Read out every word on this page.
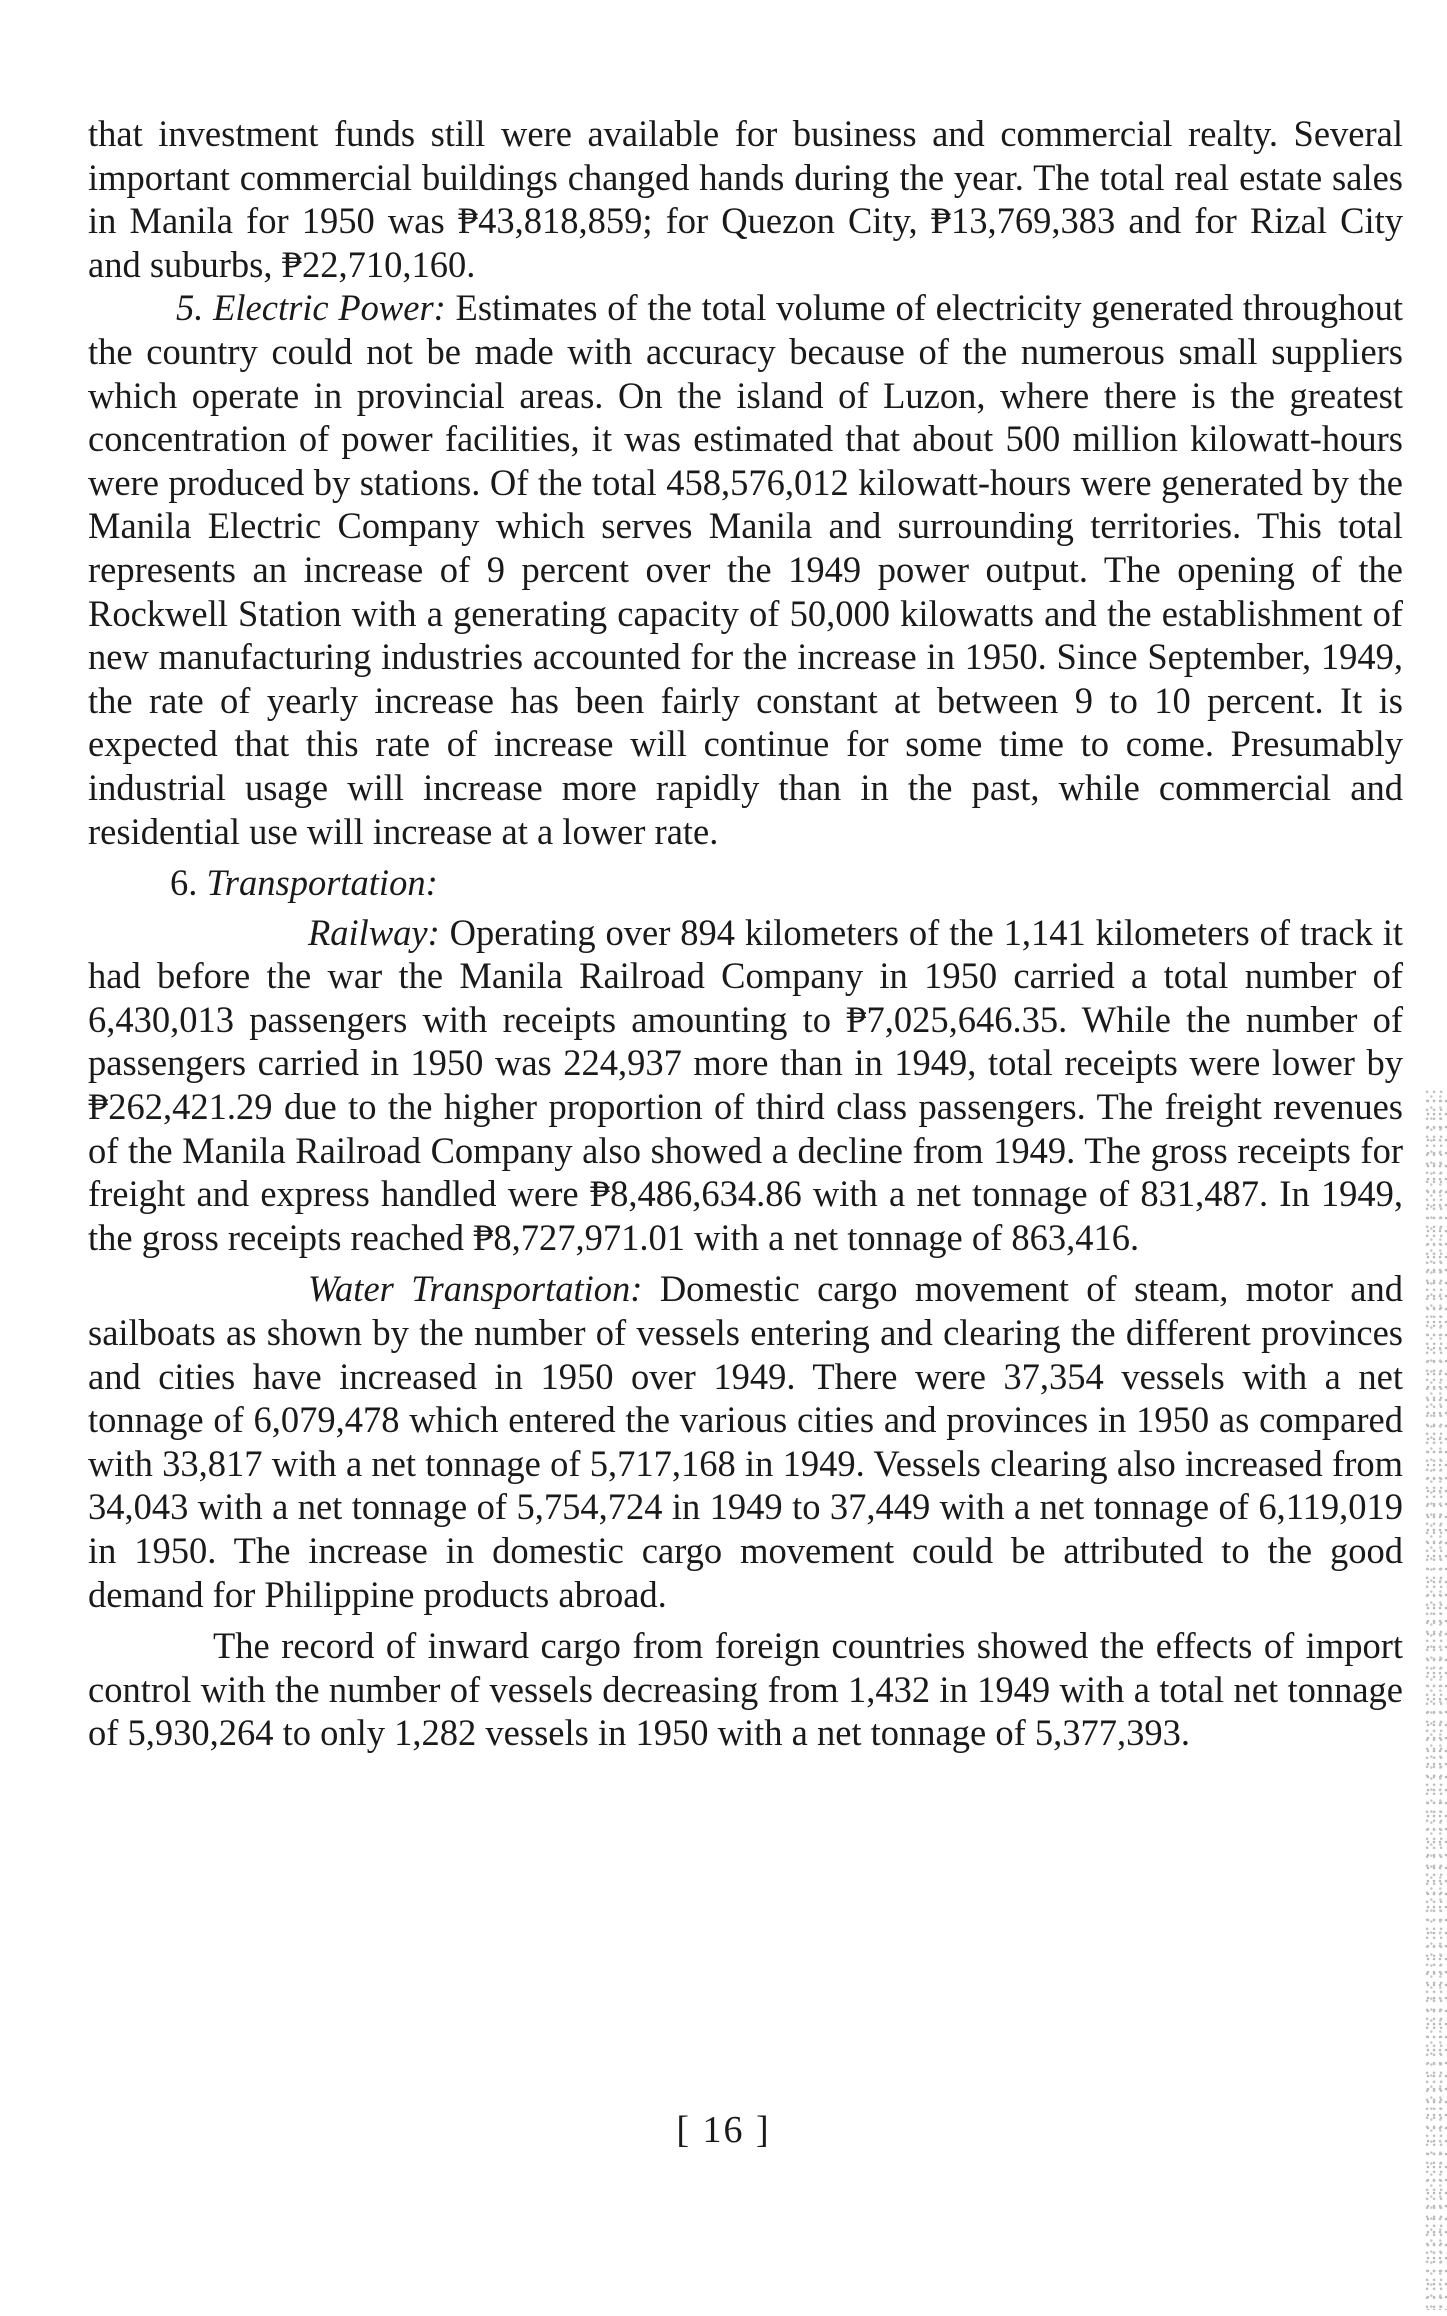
that investment funds still were available for business and commercial realty. Several important commercial buildings changed hands during the year. The total real estate sales in Manila for 1950 was ₱43,818,859; for Quezon City, ₱13,769,383 and for Rizal City and suburbs, ₱22,710,160.

5. Electric Power: Estimates of the total volume of electricity generated throughout the country could not be made with accuracy because of the numerous small suppliers which operate in provincial areas. On the island of Luzon, where there is the greatest concentration of power facilities, it was estimated that about 500 million kilowatt-hours were produced by stations. Of the total 458,576,012 kilowatt-hours were generated by the Manila Electric Company which serves Manila and surrounding territories. This total represents an increase of 9 percent over the 1949 power output. The opening of the Rockwell Station with a generating capacity of 50,000 kilowatts and the establishment of new manufacturing industries accounted for the increase in 1950. Since September, 1949, the rate of yearly increase has been fairly constant at between 9 to 10 percent. It is expected that this rate of increase will continue for some time to come. Presumably industrial usage will increase more rapidly than in the past, while commercial and residential use will increase at a lower rate.

6. Transportation:

Railway: Operating over 894 kilometers of the 1,141 kilometers of track it had before the war the Manila Railroad Company in 1950 carried a total number of 6,430,013 passengers with receipts amounting to ₱7,025,646.35. While the number of passengers carried in 1950 was 224,937 more than in 1949, total receipts were lower by ₱262,421.29 due to the higher proportion of third class passengers. The freight revenues of the Manila Railroad Company also showed a decline from 1949. The gross receipts for freight and express handled were ₱8,486,634.86 with a net tonnage of 831,487. In 1949, the gross receipts reached ₱8,727,971.01 with a net tonnage of 863,416.

Water Transportation: Domestic cargo movement of steam, motor and sailboats as shown by the number of vessels entering and clearing the different provinces and cities have increased in 1950 over 1949. There were 37,354 vessels with a net tonnage of 6,079,478 which entered the various cities and provinces in 1950 as compared with 33,817 with a net tonnage of 5,717,168 in 1949. Vessels clearing also increased from 34,043 with a net tonnage of 5,754,724 in 1949 to 37,449 with a net tonnage of 6,119,019 in 1950. The increase in domestic cargo movement could be attributed to the good demand for Philippine products abroad.

The record of inward cargo from foreign countries showed the effects of import control with the number of vessels decreasing from 1,432 in 1949 with a total net tonnage of 5,930,264 to only 1,282 vessels in 1950 with a net tonnage of 5,377,393.

[ 16 ]
